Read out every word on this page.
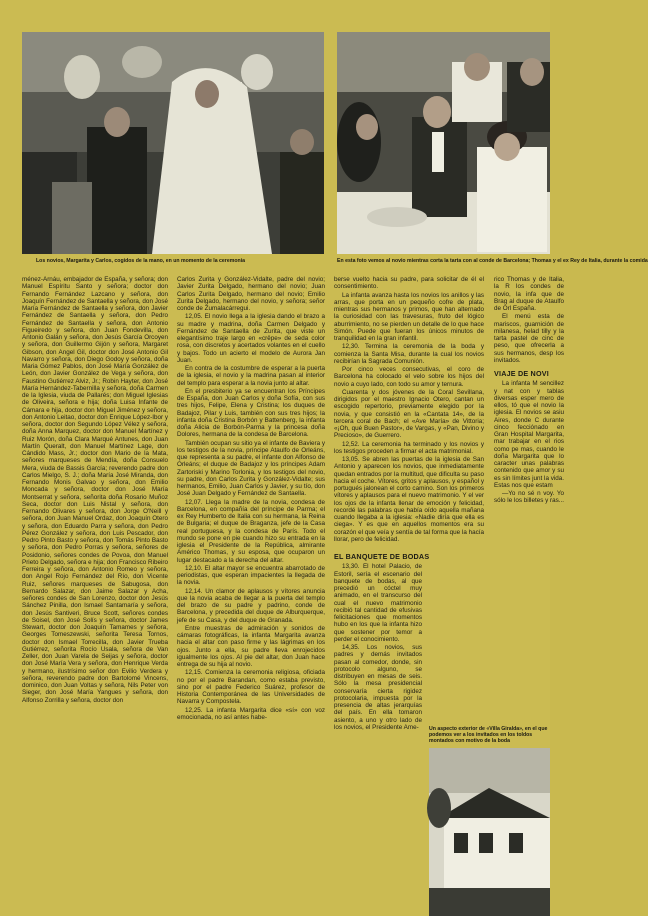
Los novios, Margarita y Carlos, cogidos de la mano, en un momento de la ceremonia	En esta foto vemos al novio mientras corta la tarta con al conde de Barcelona; Thomas y el ex Rey de Italia, durante la comida

ménez-Arnáu, embajador de España, y señora; don Manuel Espíritu Santo y señora; doctor don Fernando Fernández Lazcano y señora, don Joaquín Fernández de Santaella y señora, don José María Fernández de Santaella y señora, don Javier Fernández de Santaella y señora, don Pedro Fernández de Santaella y señora, don Antonio Figueiredo y señora, don Juan Fondevilla, don Antonio Galán y señora, don Jesús García Orcoyen y señora, don Guillermo Gijón y señora, Margaret Gibson, don Angel Gil, doctor don José Antonio Gil Navarro y señora, don Diego Godoy y señora, doña Maria Gómez Pablos, don José María González de León, don Javier González de Vega y señora, don Faustino Gutiérrez Alviz, Jr.; Robin Hayter, don José María Hernández-Tabernilla y señora, doña Carmen de la Iglesia, viuda de Pallarés; don Miguel Iglesias de Oliveira, señora e hija; doña Luisa Infante de Cámara e hija, doctor don Miguel Jiménez y señora, don Antonio Leitao, doctor don Enrique López-Ibor y señora, doctor don Segundo López Vélez y señora, doña Anna Marquez, doctor don Manuel Martínez y Ruiz Morón, doña Clara Marqué Antunes, don Juan Martín Queralt, don Manuel Martínez Lage, don Cándido Mass, Jr.; doctor don Mario de la Mata, señores marqueses de Mendía, doña Consuelo Mera, viuda de Bassis García; reverendo padre don Carlos Mielgo, S. J.; doña María José Miranda, don Fernando Monis Galvao y señora, don Emilio Moncada y señora, doctor don José María Montserrat y señora, señorita doña Rosario Muñoz Seca, doctor don Luis Nistal y señora, don Fernando Olivares y señora, don Jorge O'Neill y señora, don Juan Manuel Ordaz, don Joaquín Otero y señora, don Eduardo Parra y señora, don Pedro Pérez González y señora, don Luis Pescador, don Pedro Pinto Basto y señora, don Tomás Pinto Basto y señora, don Pedro Porras y señora, señores de Posidonio, señores condes de Povoa, don Manuel Prieto Delgado, señora e hija; don Francisco Ribeiro Ferreira y señora, don Antonio Romeo y señora, don Angel Rojo Fernández del Río, don Vicente Ruiz, señores marqueses de Sabugosa, don Bernardo Salazar, don Jaime Salazar y Acha, señores condes de San Lorenzo, doctor don Jesús Sánchez Pinilla, don Ismael Santamaría y señora, don Jesús Santiveri, Bruce Scott, señores condes de Soisel, don José Solís y señora, doctor James Stewart, doctor don Joaquín Tamames y señora, Georges Tomeszewski, señorita Teresa Tornos, doctor don Ismael Torrecilla, don Javier Trueba Gutiérrez, señorita Rocío Usala, señora de Van Zeller, don Juan Varela de Seijas y señora, doctor don José María Vera y señora, don Henrique Verda y hermano, ilustrísimo señor don Evilio Verdera y señora, reverendo padre don Bartolomé Vincens, dominico, don Juan Voltas y señora, Nils Peter von Sieger, don José María Yangues y señora, don Alfonso Zorrilla y señora, doctor don

Carlos Zurita y González-Vidalte, padre del novio; Javier Zurita Delgado, hermano del novio; Juan Carlos Zurita Delgado, hermano del novio; Emilio Zurita Delgado, hermano del novio, y señora; señor conde de Zumalacárregui.

12,05. El novio llega a la iglesia dando el brazo a su madre y madrina, doña Carmen Delgado y Fernández de Santaella de Zurita, que viste un elegantísimo traje largo en «crêpe» de seda color rosa, con discretos y acertados volantes en el cuello y bajos. Todo un acierto el modelo de Aurora Jan Juan.

En contra de la costumbre de esperar a la puerta de la iglesia, el novio y la madrina pasan al interior del templo para esperar a la novia junto al altar.

En el presbiterio ya se encuentran los Príncipes de España, don Juan Carlos y doña Sofía, con sus tres hijos, Felipe, Elena y Cristina; los duques de Badajoz, Pilar y Luis, también con sus tres hijos; la infanta doña Cristina Borbón y Battenberg, la infanta doña Alicia de Borbón-Parma y la princesa doña Dolores, hermana de la condesa de Barcelona.

También ocupan su sitio ya el infante de Baviera y los testigos de la novia, príncipe Ataulfo de Orleáns, que representa a su padre, el infante don Alfonso de Orleáns; el duque de Badajoz y los príncipes Adam Zartoriski y Marino Torlonia, y los testigos del novio, su padre, don Carlos Zurita y González-Vidalte; sus hermanos, Emilio, Juan Carlos y Javier, y su tío, don José Juan Delgado y Fernández de Santaella.

12,07. Llega la madre de la novia, condesa de Barcelona, en compañía del príncipe de Parma; el ex Rey Humberto de Italia con su hermana, la Reina de Bulgaria; el duque de Braganza, jefe de la Casa real portuguesa, y la condesa de París. Todo el mundo se pone en pie cuando hizo su entrada en la iglesia el Presidente de la República, almirante Américo Thomas, y su esposa, que ocuparon un lugar destacado a la derecha del altar.

12,10. El altar mayor se encuentra abarrotado de periodistas, que esperan impacientes la llegada de la novia.

12,14. Un clamor de aplausos y vítores anuncia que la novia acaba de llegar a la puerta del templo del brazo de su padre y padrino, conde de Barcelona, y precedida del duque de Alburquerque, jefe de su Casa, y del duque de Granada.

Entre muestras de admiración y sonidos de cámaras fotográficas, la infanta Margarita avanza hacia el altar con paso firme y las lágrimas en los ojos. Junto a ella, su padre lleva enrojecidos igualmente los ojos. Al pie del altar, don Juan hace entrega de su hija al novio.

12,15. Comienza la ceremonia religiosa, oficiada no por el padre Barandan, como estaba previsto, sino por el padre Federico Suárez, profesor de Historia Contemporánea de las Universidades de Navarra y Compostela.

12,25. La infanta Margarita dice «sí» con voz emocionada, no así antes habe-

berse vuelto hacia su padre, para solicitar de él el consentimiento.

La infanta avanza hasta los novios los anillos y las arras, que porta en un pequeño cofre de plata, mientras sus hermanos y primos, que han alternado la curiosidad con las travesuras, fruto del lógico aburrimiento, no se pierden un detalle de lo que hace Simón. Puede que fueran los únicos minutos de tranquilidad en la gran infantil.

12,30. Termina la ceremonia de la boda y comienza la Santa Misa, durante la cual los novios recibirían la Sagrada Comunión.

Por cinco veces consecutivas, el coro de Barcelona ha colocado el velo sobre los hijos del novio a cuyo lado, con todo su amor y ternura.

Cuarenta y dos jóvenes de la Coral Sevillana, dirigidos por el maestro Ignacio Otero, cantan un escogido repertorio, previamente elegido por la novia, y que consistió en la «Cantata 14», de la tercera coral de Bach; el «Ave María» de Vittoria; «¡Oh, qué Buen Pastor», de Vargas, y «Pan, Divino y Precioso», de Guerrero.

12,52. La ceremonia ha terminado y los novios y los testigos proceden a firmar el acta matrimonial.

13,05. Se abren las puertas de la iglesia de San Antonio y aparecen los novios, que inmediatamente quedan entrados por la multitud, que dificulta su paso hacia el coche. Vítores, gritos y aplausos, y español y portugués jalonean el corto camino. Son los primeros vítores y aplausos para el nuevo matrimonio. Y el ver los ojos de la infanta llenar de emoción y felicidad, recordé las palabras que había oído aquella mañana cuando llegaba a la iglesia: «Nadie diría que ella es ciega». Y es que en aquellos momentos era su corazón el que veía y sentía de tal forma que la hacía llorar, pero de felicidad.

EL BANQUETE DE BODAS

13,30. El hotel Palacio, de Estoril, sería el escenario del banquete de bodas, al que precedió un cóctel muy animado, en el transcurso del cual el nuevo matrimonio recibió tal cantidad de efusivas felicitaciones que momentos hubo en los que la infanta hizo que sostener por temor a perder el conocimiento.

14,35. Los novios, sus padres y demás invitados pasan al comedor, donde, sin protocolo alguno, se distribuyen en mesas de seis. Sólo la mesa presidencial conservaría cierta rigidez protocolaria, impuesta por la presencia de altas jerarquías del país. En ella tomaron asiento, a uno y otro lado de los novios, el Presidente Ame-

rico Thomas y de Italia, la R los condes de novio, la infa que de Brag al duque de Ataulfo de Orl España.

El menú esta de mariscos, guarnición de milanesa, helad tilly y la tarta pastel de cinc de peso, que ofrecerla a sus hermanos, desp los invitados.

VIAJE DE NOVI

La infanta M sencillez y nat con y tablas diversas esper mero de ellos, tó que el novio la iglesia. El novios se asiu Aires, donde C durante cinco fecciónado en Gran Hospital Margarita, mar trabajar en el rios como pe mas, cuando le doña Margarita que lo caracter unas palabras contenido que amor y su es sin límites junt la vida. Estas nos que estam

—Yo no sé n voy. Yo sólo le los billetes y ras...

Un aspecto exterior de «Villa Giralda», en el que podemos ver a los invitados en los toldos montados con motivo de la boda
